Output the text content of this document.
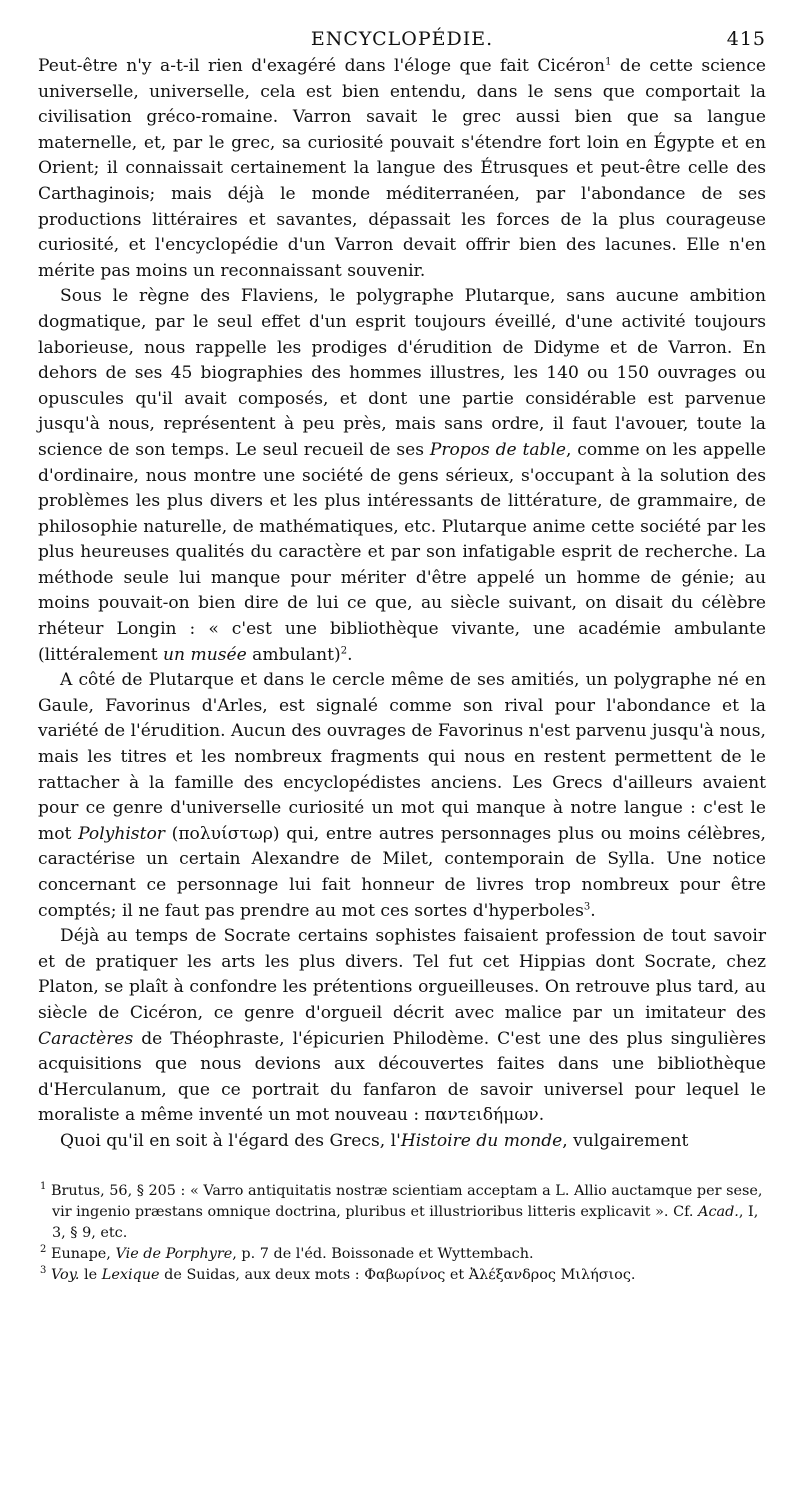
ENCYCLOPÉDIE.	415

Peut-être n'y a-t-il rien d'exagéré dans l'éloge que fait Cicéron$^1$ de cette science universelle, universelle, cela est bien entendu, dans le sens que comportait la civilisation gréco-romaine. Varron savait le grec aussi bien que sa langue maternelle, et, par le grec, sa curiosité pouvait s'étendre fort loin en Égypte et en Orient; il connaissait certainement la langue des Étrusques et peut-être celle des Carthaginois; mais déjà le monde méditerranéen, par l'abondance de ses productions littéraires et savantes, dépassait les forces de la plus courageuse curiosité, et l'encyclopédie d'un Varron devait offrir bien des lacunes. Elle n'en mérite pas moins un reconnaissant souvenir.

Sous le règne des Flaviens, le polygraphe Plutarque, sans aucune ambition dogmatique, par le seul effet d'un esprit toujours éveillé, d'une activité toujours laborieuse, nous rappelle les prodiges d'érudition de Didyme et de Varron. En dehors de ses 45 biographies des hommes illustres, les 140 ou 150 ouvrages ou opuscules qu'il avait composés, et dont une partie considérable est parvenue jusqu'à nous, représentent à peu près, mais sans ordre, il faut l'avouer, toute la science de son temps. Le seul recueil de ses Propos de table, comme on les appelle d'ordinaire, nous montre une société de gens sérieux, s'occupant à la solution des problèmes les plus divers et les plus intéressants de littérature, de grammaire, de philosophie naturelle, de mathématiques, etc. Plutarque anime cette société par les plus heureuses qualités du caractère et par son infatigable esprit de recherche. La méthode seule lui manque pour mériter d'être appelé un homme de génie; au moins pouvait-on bien dire de lui ce que, au siècle suivant, on disait du célèbre rhéteur Longin : « c'est une bibliothèque vivante, une académie ambulante (littéralement un musée ambulant)$^2$.

A côté de Plutarque et dans le cercle même de ses amitiés, un polygraphe né en Gaule, Favorinus d'Arles, est signalé comme son rival pour l'abondance et la variété de l'érudition. Aucun des ouvrages de Favorinus n'est parvenu jusqu'à nous, mais les titres et les nombreux fragments qui nous en restent permettent de le rattacher à la famille des encyclopédistes anciens. Les Grecs d'ailleurs avaient pour ce genre d'universelle curiosité un mot qui manque à notre langue : c'est le mot Polyhistor (πολυίστωρ) qui, entre autres personnages plus ou moins célèbres, caractérise un certain Alexandre de Milet, contemporain de Sylla. Une notice concernant ce personnage lui fait honneur de livres trop nombreux pour être comptés; il ne faut pas prendre au mot ces sortes d'hyperboles$^3$.

Déjà au temps de Socrate certains sophistes faisaient profession de tout savoir et de pratiquer les arts les plus divers. Tel fut cet Hippias dont Socrate, chez Platon, se plaît à confondre les prétentions orgueilleuses. On retrouve plus tard, au siècle de Cicéron, ce genre d'orgueil décrit avec malice par un imitateur des Caractères de Théophraste, l'épicurien Philodème. C'est une des plus singulières acquisitions que nous devions aux découvertes faites dans une bibliothèque d'Herculanum, que ce portrait du fanfaron de savoir universel pour lequel le moraliste a même inventé un mot nouveau : παντειδήμων.

Quoi qu'il en soit à l'égard des Grecs, l'Histoire du monde, vulgairement

$^1$ Brutus, 56, § 205 : « Varro antiquitatis nostræ scientiam acceptam a L. Allio auctamque per sese, vir ingenio præstans omnique doctrina, pluribus et illustrioribus litteris explicavit ». Cf. Acad., I, 3, § 9, etc.

$^2$ Eunape, Vie de Porphyre, p. 7 de l'éd. Boissonade et Wyttembach.

$^3$ Voy. le Lexique de Suidas, aux deux mots : Φαβωρίνος et Ἀλέξανδρος Μιλήσιος.
